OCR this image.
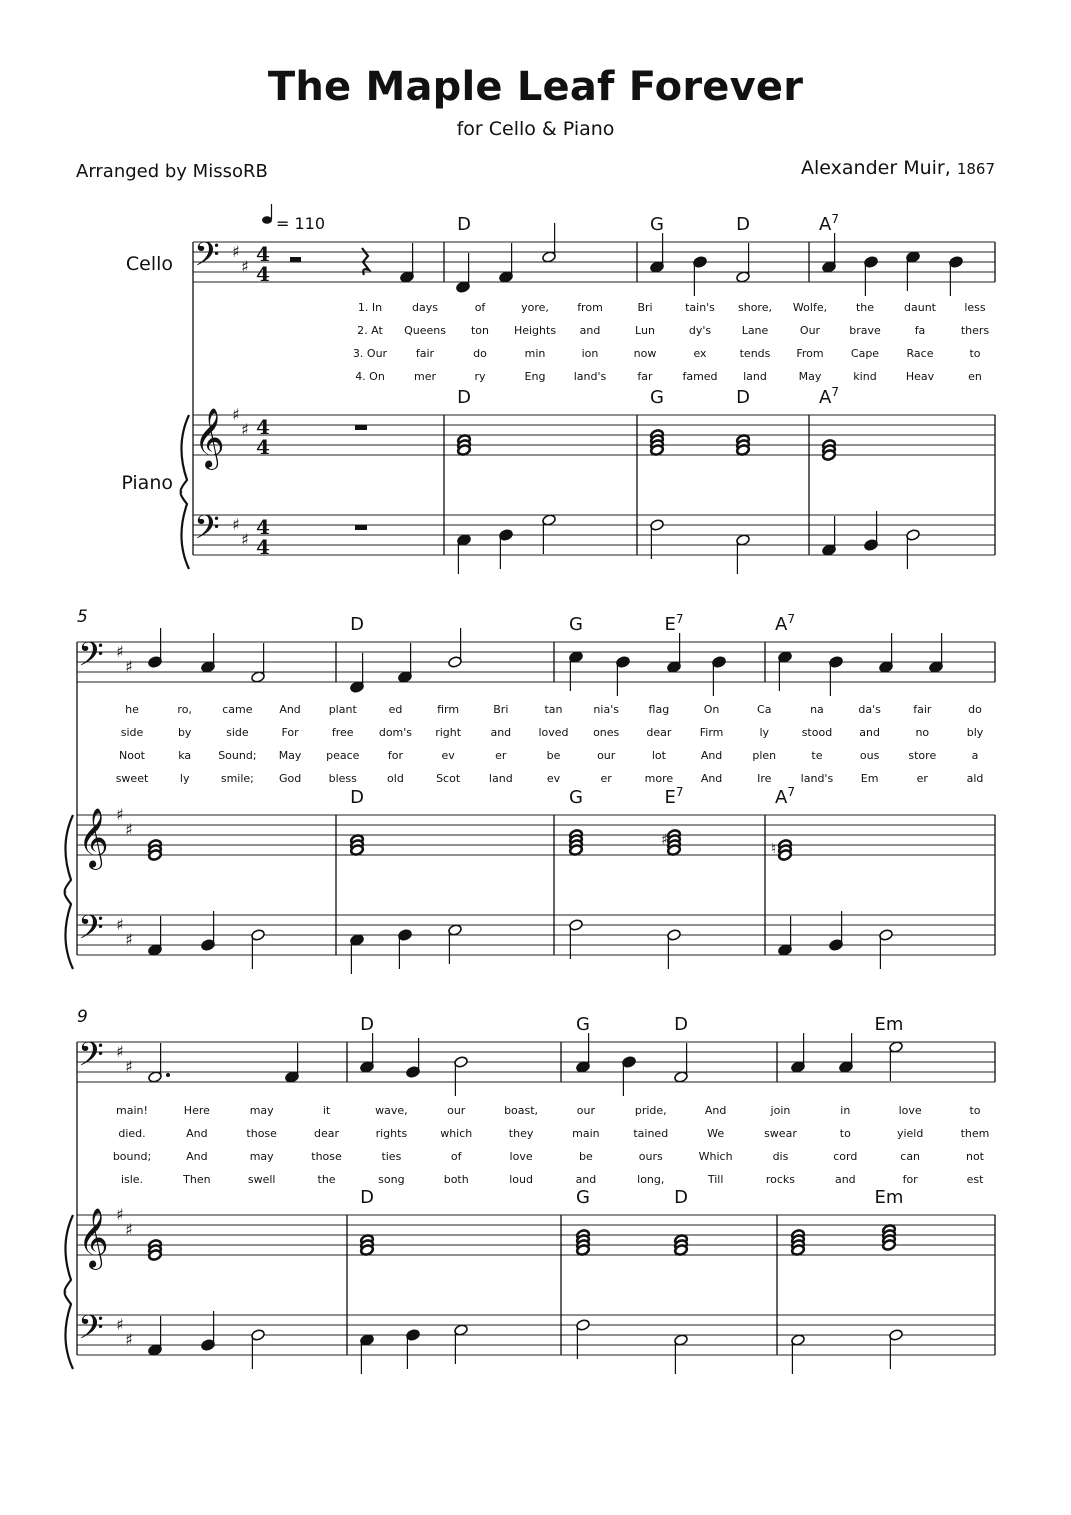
The Maple Leaf Forever
for Cello & Piano
Arranged by MissoRB	Alexander Muir, 1867
𝄢
𝄞
𝄢
♯
♯
♯
♯
♯
♯
4
4
4
4
4
4
Cello
Piano
= 110	D
D
G
G
D
D
$A^7$
$A^7$
1. In	days	of	yore,	from	Bri	tain's shore, Wolfe,	the	daunt	less
2. At Queens ton Heights and	Lun	dy's	Lane	Our	brave	fa	thers
3. Our	fair	do	min	ion	now	ex	tends From Cape Race	to
4. On	mer	ry	Eng	land's	far	famed land	May	kind	Heav	en
𝄢
𝄞
𝄢
♯
♯
♯
♯
♯
♯
5	D
D
G
G
$E^7$
$E^7$
$A^7$
$A^7$
he	ro,	came And	plant	ed	firm	Bri	tan	nia's	flag	On	Ca	na	da's	fair	do
side	by	side	For	free dom's right	and loved ones dear	Firm	ly	stood and	no	bly
Noot	ka Sound; May peace	for	ev	er	be	our	lot	And	plen	te	ous	store	a
sweet	ly	smile; God bless	old	Scot	land	ev	er	more	And	Ire	land's	Em	er	ald
𝄢
𝄞
𝄢
♯
♯
♯
♯
♯
♯
9	D
D
G
G
D
D
Em
Em
main!	Here	may	it	wave,	our	boast,	our	pride,	And	join	in	love	to
died.	And	those	dear	rights	which	they	main	tained	We	swear	to	yield	them
bound;	And	may	those	ties	of	love	be	ours	Which	dis	cord	can	not
isle.	Then	swell	the	song	both	loud	and	long,	Till	rocks	and	for	est
♯
♮
